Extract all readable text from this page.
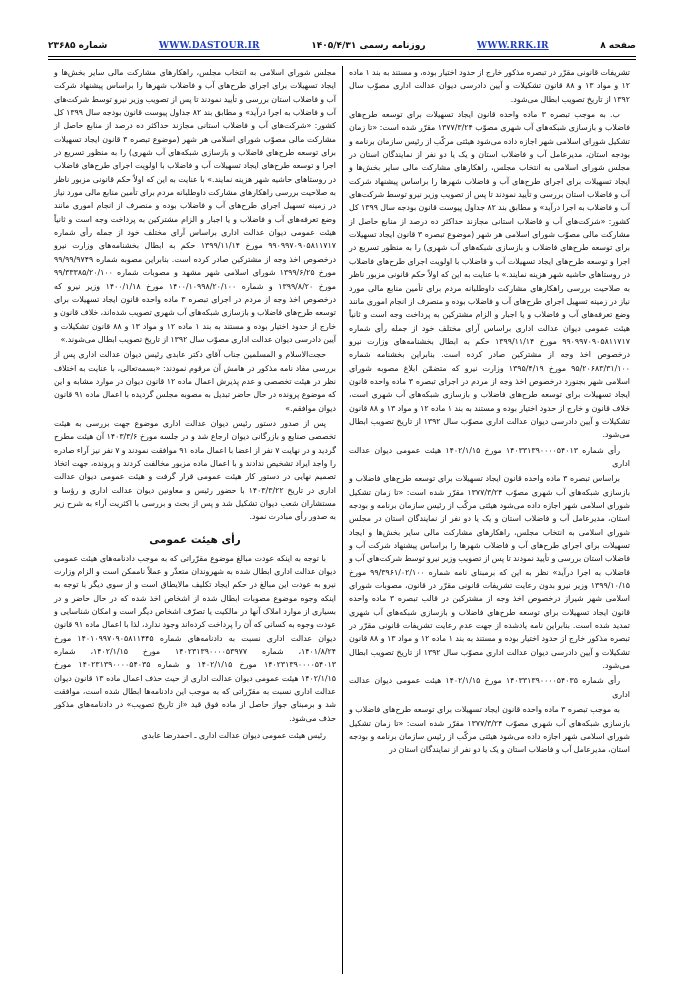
صفحه ۸
WWW.RRK.IR
روزنامه رسمی ۱۴۰۵/۴/۳۱
WWW.DASTOUR.IR
شماره ۲۳۶۸۵

تشریفات قانونی مقرّر در تبصره مذکور خارج از حدود اختیار بوده، و مستند به بند ۱ ماده ۱۲ و مواد ۱۳ و ۸۸ قانون تشکیلات و آیین دادرسی دیوان عدالت اداری مصوّب سال ۱۳۹۲ از تاریخ تصویب ابطال می‌شود.

ب. به موجب تبصره ۳ ماده واحده قانون ایجاد تسهیلات برای توسعه طرح‌های فاضلاب و بازسازی شبکه‌های آب شهری مصوّب ۱۳۷۷/۳/۲۴ مقرّر شده است: «تا زمان تشکیل شورای اسلامی شهر اجازه داده می‌شود هیئتی مرکّب از رئیس سازمان برنامه و بودجه استان، مدیرعامل آب و فاضلاب استان و یک یا دو نفر از نمایندگان استان در مجلس شورای اسلامی به انتخاب مجلس، راهکارهای مشارکت مالی سایر بخش‌ها و ایجاد تسهیلات برای اجرای طرح‌های آب و فاضلاب شهرها را براساس پیشنهاد شرکت آب و فاضلاب استان بررسی و تأیید نمودند تا پس از تصویب وزیر نیرو توسط شرکت‌های آب و فاضلاب به اجرا درآید» و مطابق بند ۸۲ جداول پیوست قانون بودجه سال ۱۳۹۹ کل کشور: «شرکت‌های آب و فاضلاب استانی مجازند حداکثر ده درصد از منابع حاصل از مشارکت مالی مصوّب شورای اسلامی هر شهر (موضوع تبصره ۳ قانون ایجاد تسهیلات برای توسعه طرح‌های فاضلاب و بازسازی شبکه‌های آب شهری) را به منظور تسریع در اجرا و توسعه طرح‌های ایجاد تسهیلات آب و فاضلاب با اولویت اجرای طرح‌های فاضلاب در روستاهای حاشیه شهر هزینه نمایند.» با عنایت به این که اولاً حکم قانونی مزبور ناظر به صلاحیت بررسی راهکارهای مشارکت داوطلبانه مردم برای تأمین منابع مالی مورد نیاز در زمینه تسهیل اجرای طرح‌های آب و فاضلاب بوده و منصرف از انجام اموری مانند وضع تعرفه‌های آب و فاضلاب و یا اجبار و الزام مشترکین به پرداخت وجه است و ثانیاً هیئت عمومی دیوان عدالت اداری براساس آرای مختلف خود از جمله رأی شماره ۹۹۰۹۹۷۰۹۰۵۸۱۱۷۱۷ مورخ ۱۳۹۹/۱۱/۱۴ حکم به ابطال بخشنامه‌های وزارت نیرو درخصوص اخذ وجه از مشترکین صادر کرده است. بنابراین بخشنامه شماره ۹۵/۲۰۶۸۳/۳۱/۱۰۰ مورخ ۱۳۹۵/۴/۱۹ وزارت نیرو که متضمّن ابلاغ مصوبه شورای اسلامی شهر بجنورد درخصوص اخذ وجه از مردم در اجرای تبصره ۳ ماده واحده قانون ایجاد تسهیلات برای توسعه طرح‌های فاضلاب و بازسازی شبکه‌های آب شهری است، خلاف قانون و خارج از حدود اختیار بوده و مستند به بند ۱ ماده ۱۲ و مواد ۱۳ و ۸۸ قانون تشکیلات و آیین دادرسی دیوان عدالت اداری مصوّب سال ۱۳۹۲ از تاریخ تصویب ابطال می‌شود.

رأی شماره ۱۴۰۳۳۱۳۹۰۰۰۰۵۴۰۱۳ مورخ ۱۴۰۲/۱/۱۵ هیئت عمومی دیوان عدالت اداری

براساس تبصره ۳ ماده واحده قانون ایجاد تسهیلات برای توسعه طرح‌های فاضلاب و بازسازی شبکه‌های آب شهری مصوّب ۱۳۷۷/۳/۲۴ مقرّر شده است: «تا زمان تشکیل شورای اسلامی شهر اجازه داده می‌شود هیئتی مرکّب از رئیس سازمان برنامه و بودجه استان، مدیرعامل آب و فاضلاب استان و یک یا دو نفر از نمایندگان استان در مجلس شورای اسلامی به انتخاب مجلس، راهکارهای مشارکت مالی سایر بخش‌ها و ایجاد تسهیلات برای اجرای طرح‌های آب و فاضلاب شهرها را براساس پیشنهاد شرکت آب و فاضلاب استان بررسی و تأیید نمودند تا پس از تصویب وزیر نیرو توسط شرکت‌های آب و فاضلاب به اجرا درآید» نظر به این که برمبنای نامه شماره ۹۹/۳۹۶۱/۰۲/۱۰۰ مورخ ۱۳۹۹/۱۰/۱۵ وزیر نیرو بدون رعایت تشریفات قانونی مقرّر در قانون، مصوبات شورای اسلامی شهر شیراز درخصوص اخذ وجه از مشترکین در قالب تبصره ۳ ماده واحده قانون ایجاد تسهیلات برای توسعه طرح‌های فاضلاب و بازسازی شبکه‌های آب شهری تمدید شده است. بنابراین نامه یادشده از جهت عدم رعایت تشریفات قانونی مقرّر در تبصره مذکور خارج از حدود اختیار بوده و مستند به بند ۱ ماده ۱۲ و مواد ۱۳ و ۸۸ قانون تشکیلات و آیین دادرسی دیوان عدالت اداری مصوّب سال ۱۳۹۲ از تاریخ تصویب ابطال می‌شود.

رأی شماره ۱۴۰۳۳۱۳۹۰۰۰۰۵۴۰۳۵ مورخ ۱۴۰۲/۱/۱۵ هیئت عمومی دیوان عدالت اداری

به موجب تبصره ۳ ماده واحده قانون ایجاد تسهیلات برای توسعه طرح‌های فاضلاب و بازسازی شبکه‌های آب شهری مصوّب ۱۳۷۷/۳/۲۴ مقرّر شده است: «تا زمان تشکیل شورای اسلامی شهر اجازه داده می‌شود هیئتی مرکّب از رئیس سازمان برنامه و بودجه استان، مدیرعامل آب و فاضلاب استان و یک یا دو نفر از نمایندگان استان در

مجلس شورای اسلامی به انتخاب مجلس، راهکارهای مشارکت مالی سایر بخش‌ها و ایجاد تسهیلات برای اجرای طرح‌های آب و فاضلاب شهرها را براساس پیشنهاد شرکت آب و فاضلاب استان بررسی و تأیید نمودند تا پس از تصویب وزیر نیرو توسط شرکت‌های آب و فاضلاب به اجرا درآید» و مطابق بند ۸۲ جداول پیوست قانون بودجه سال ۱۳۹۹ کل کشور: «شرکت‌های آب و فاضلاب استانی مجازند حداکثر ده درصد از منابع حاصل از مشارکت مالی مصوّب شورای اسلامی هر شهر (موضوع تبصره ۳ قانون ایجاد تسهیلات برای توسعه طرح‌های فاضلاب و بازسازی شبکه‌های آب شهری) را به منظور تسریع در اجرا و توسعه طرح‌های ایجاد تسهیلات آب و فاضلاب با اولویت اجرای طرح‌های فاضلاب در روستاهای حاشیه شهر هزینه نمایند.» با عنایت به این که اولاً حکم قانونی مزبور ناظر به صلاحیت بررسی راهکارهای مشارکت داوطلبانه مردم برای تأمین منابع مالی مورد نیاز در زمینه تسهیل اجرای طرح‌های آب و فاضلاب بوده و منصرف از انجام اموری مانند وضع تعرفه‌های آب و فاضلاب و یا اجبار و الزام مشترکین به پرداخت وجه است و ثانیاً هیئت عمومی دیوان عدالت اداری براساس آرای مختلف خود از جمله رأی شماره ۹۹۰۹۹۷۰۹۰۵۸۱۱۷۱۷ مورخ ۱۳۹۹/۱۱/۱۴ حکم به ابطال بخشنامه‌های وزارت نیرو درخصوص اخذ وجه از مشترکین صادر کرده است. بنابراین مصوبه شماره ۹۹/۹۹/۹۷۴۹ مورخ ۱۳۹۹/۶/۲۵ شورای اسلامی شهر مشهد و مصوبات شماره ۹۹/۳۳۳۸۵/۲۰/۱۰۰ مورخ ۱۳۹۹/۸/۲۰ و شماره ۱۴۰۰/۱۰۹۹۸/۲۰/۱۰۰ مورخ ۱۴۰۰/۱/۱۸ وزیر نیرو که درخصوص اخذ وجه از مردم در اجرای تبصره ۳ ماده واحده قانون ایجاد تسهیلات برای توسعه طرح‌های فاضلاب و بازسازی شبکه‌های آب شهری تصویب شده‌اند، خلاف قانون و خارج از حدود اختیار بوده و مستند به بند ۱ ماده ۱۲ و مواد ۱۳ و ۸۸ قانون تشکیلات و آیین دادرسی دیوان عدالت اداری مصوّب سال ۱۳۹۲ از تاریخ تصویب ابطال می‌شوند.»

حجت‌الاسلام و المسلمین جناب آقای دکتر عابدی رئیس دیوان عدالت اداری پس از بررسی مفاد نامه مذکور در هامش آن مرقوم نمودند: «بسمه‌تعالی، با عنایت به اختلاف نظر در هیئت تخصصی و عدم پذیرش اعمال ماده ۱۲ قانون دیوان در موارد مشابه و این که موضوع پرونده در حال حاضر تبدیل به مصوبه مجلس گردیده با اعمال ماده ۹۱ قانون دیوان موافقم.»

پس از صدور دستور رئیس دیوان عدالت اداری موضوع جهت بررسی به هیئت تخصصی صنایع و بازرگانی دیوان ارجاع شد و در جلسه مورخ ۱۴۰۳/۳/۶ آن هیئت مطرح گردید و در نهایت ۷ نفر از اعضا با اعمال ماده ۹۱ موافقت نمودند و ۷ نفر نیز آراء صادره را واجد ایراد تشخیص ندادند و با اعمال ماده مزبور مخالفت کردند و پرونده، جهت اتخاذ تصمیم نهایی در دستور کار هیئت عمومی قرار گرفت و هیئت عمومی دیوان عدالت اداری در تاریخ ۱۴۰۳/۳/۲۲ با حضور رئیس و معاونین دیوان عدالت اداری و رؤسا و مستشاران شعب دیوان تشکیل شد و پس از بحث و بررسی با اکثریت آراء به شرح زیر به صدور رأی مبادرت نمود.

رأی هیئت عمومی

با توجه به اینکه عودت مبالغ موضوع مقرّراتی که به موجب دادنامه‌های هیئت عمومی دیوان عدالت اداری ابطال شده به شهروندان متعذّر و عملاً ناممکن است و الزام وزارت نیرو به عودت این مبالغ در حکم ایجاد تکلیف مالایطاق است و از سوی دیگر با توجه به اینکه وجوه موضوع مصوبات ابطال شده از اشخاص اخذ شده که در حال حاضر و در بسیاری از موارد املاک آنها در مالکیت یا تصرّف اشخاص دیگر است و امکان شناسایی و عودت وجوه به کسانی که آن را پرداخت کرده‌اند وجود ندارد، لذا با اعمال ماده ۹۱ قانون دیوان عدالت اداری نسبت به دادنامه‌های شماره ۱۴۰۱۰۹۹۷۰۹۰۵۸۱۱۴۴۵ مورخ ۱۴۰۱/۸/۲۴، شماره ۱۴۰۲۳۱۳۹۰۰۰۰۵۳۹۷۷ مورخ ۱۴۰۲/۱/۱۵، شماره ۱۴۰۲۳۱۳۹۰۰۰۰۵۴۰۱۳ مورخ ۱۴۰۲/۱/۱۵ و شماره ۱۴۰۲۳۱۳۹۰۰۰۰۵۴۰۳۵ مورخ ۱۴۰۲/۱/۱۵ هیئت عمومی دیوان عدالت اداری از حیث حذف اعمال ماده ۱۳ قانون دیوان عدالت اداری نسبت به مقرّراتی که به موجب این دادنامه‌ها ابطال شده است، موافقت شد و برمبنای جواز حاصل از ماده فوق قید «از تاریخ تصویب» در دادنامه‌های مذکور حذف می‌شود.

رئیس هیئت عمومی دیوان عدالت اداری ـ احمدرضا عابدی
